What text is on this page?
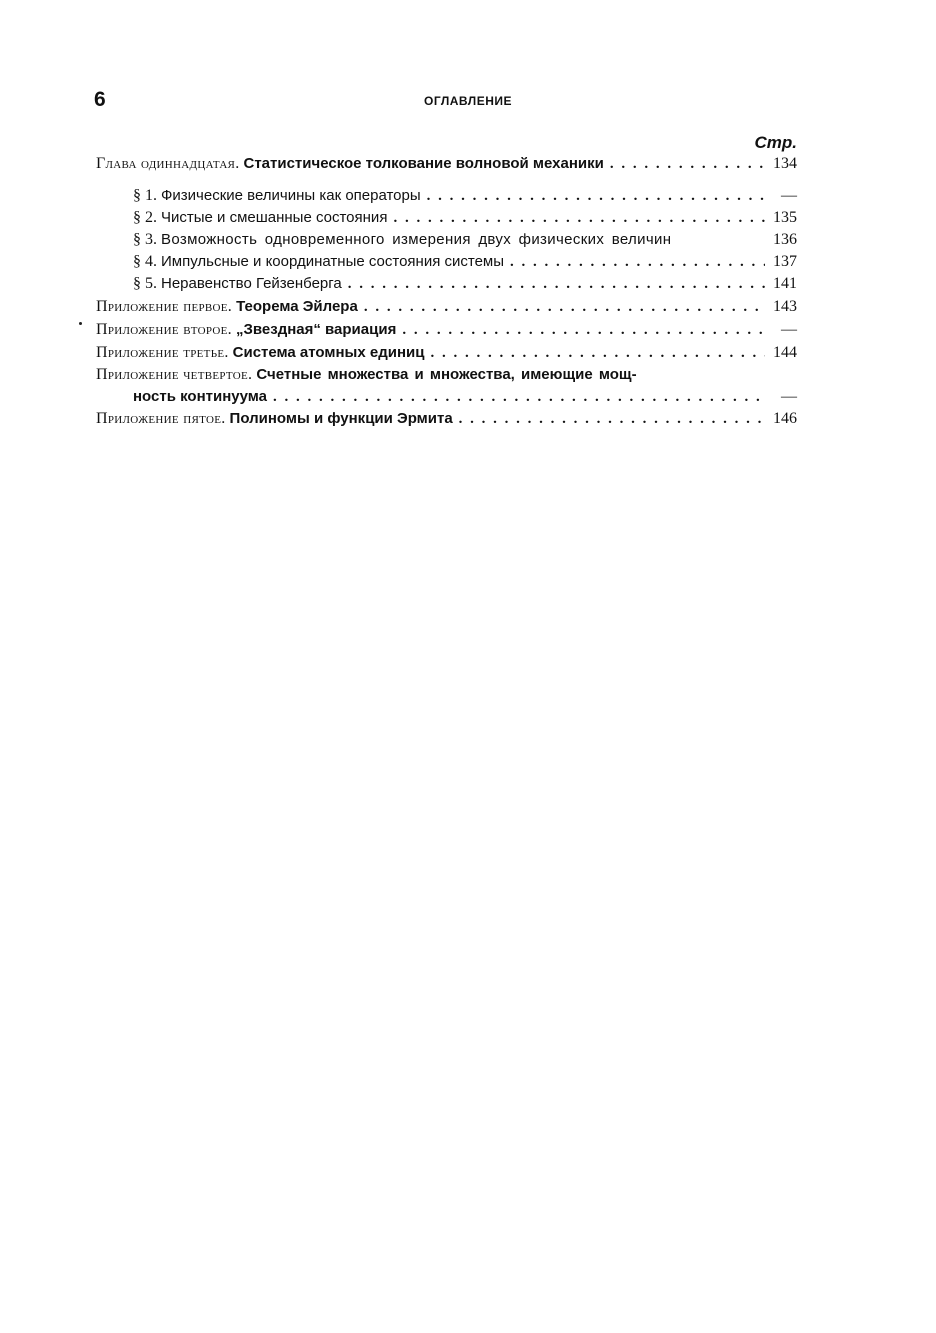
6	ОГЛАВЛЕНИЕ
Стр.
Глава одиннадцатая. Статистическое толкование волновой механики . . .	134
§ 1. Физические величины как операторы . . .	—
§ 2. Чистые и смешанные состояния . . .	135
§ 3. Возможность одновременного измерения двух физических величин	136
§ 4. Импульсные и координатные состояния системы . . .	137
§ 5. Неравенство Гейзенберга . . .	141
Приложение первое. Теорема Эйлера . . .	143
Приложение второе. „Звездная“ вариация . . .	—
Приложение третье. Система атомных единиц . . .	144
Приложение четвертое. Счетные множества и множества, имеющие мощ-
ность континуума . . .	—
Приложение пятое. Полиномы и функции Эрмита . . .	146
